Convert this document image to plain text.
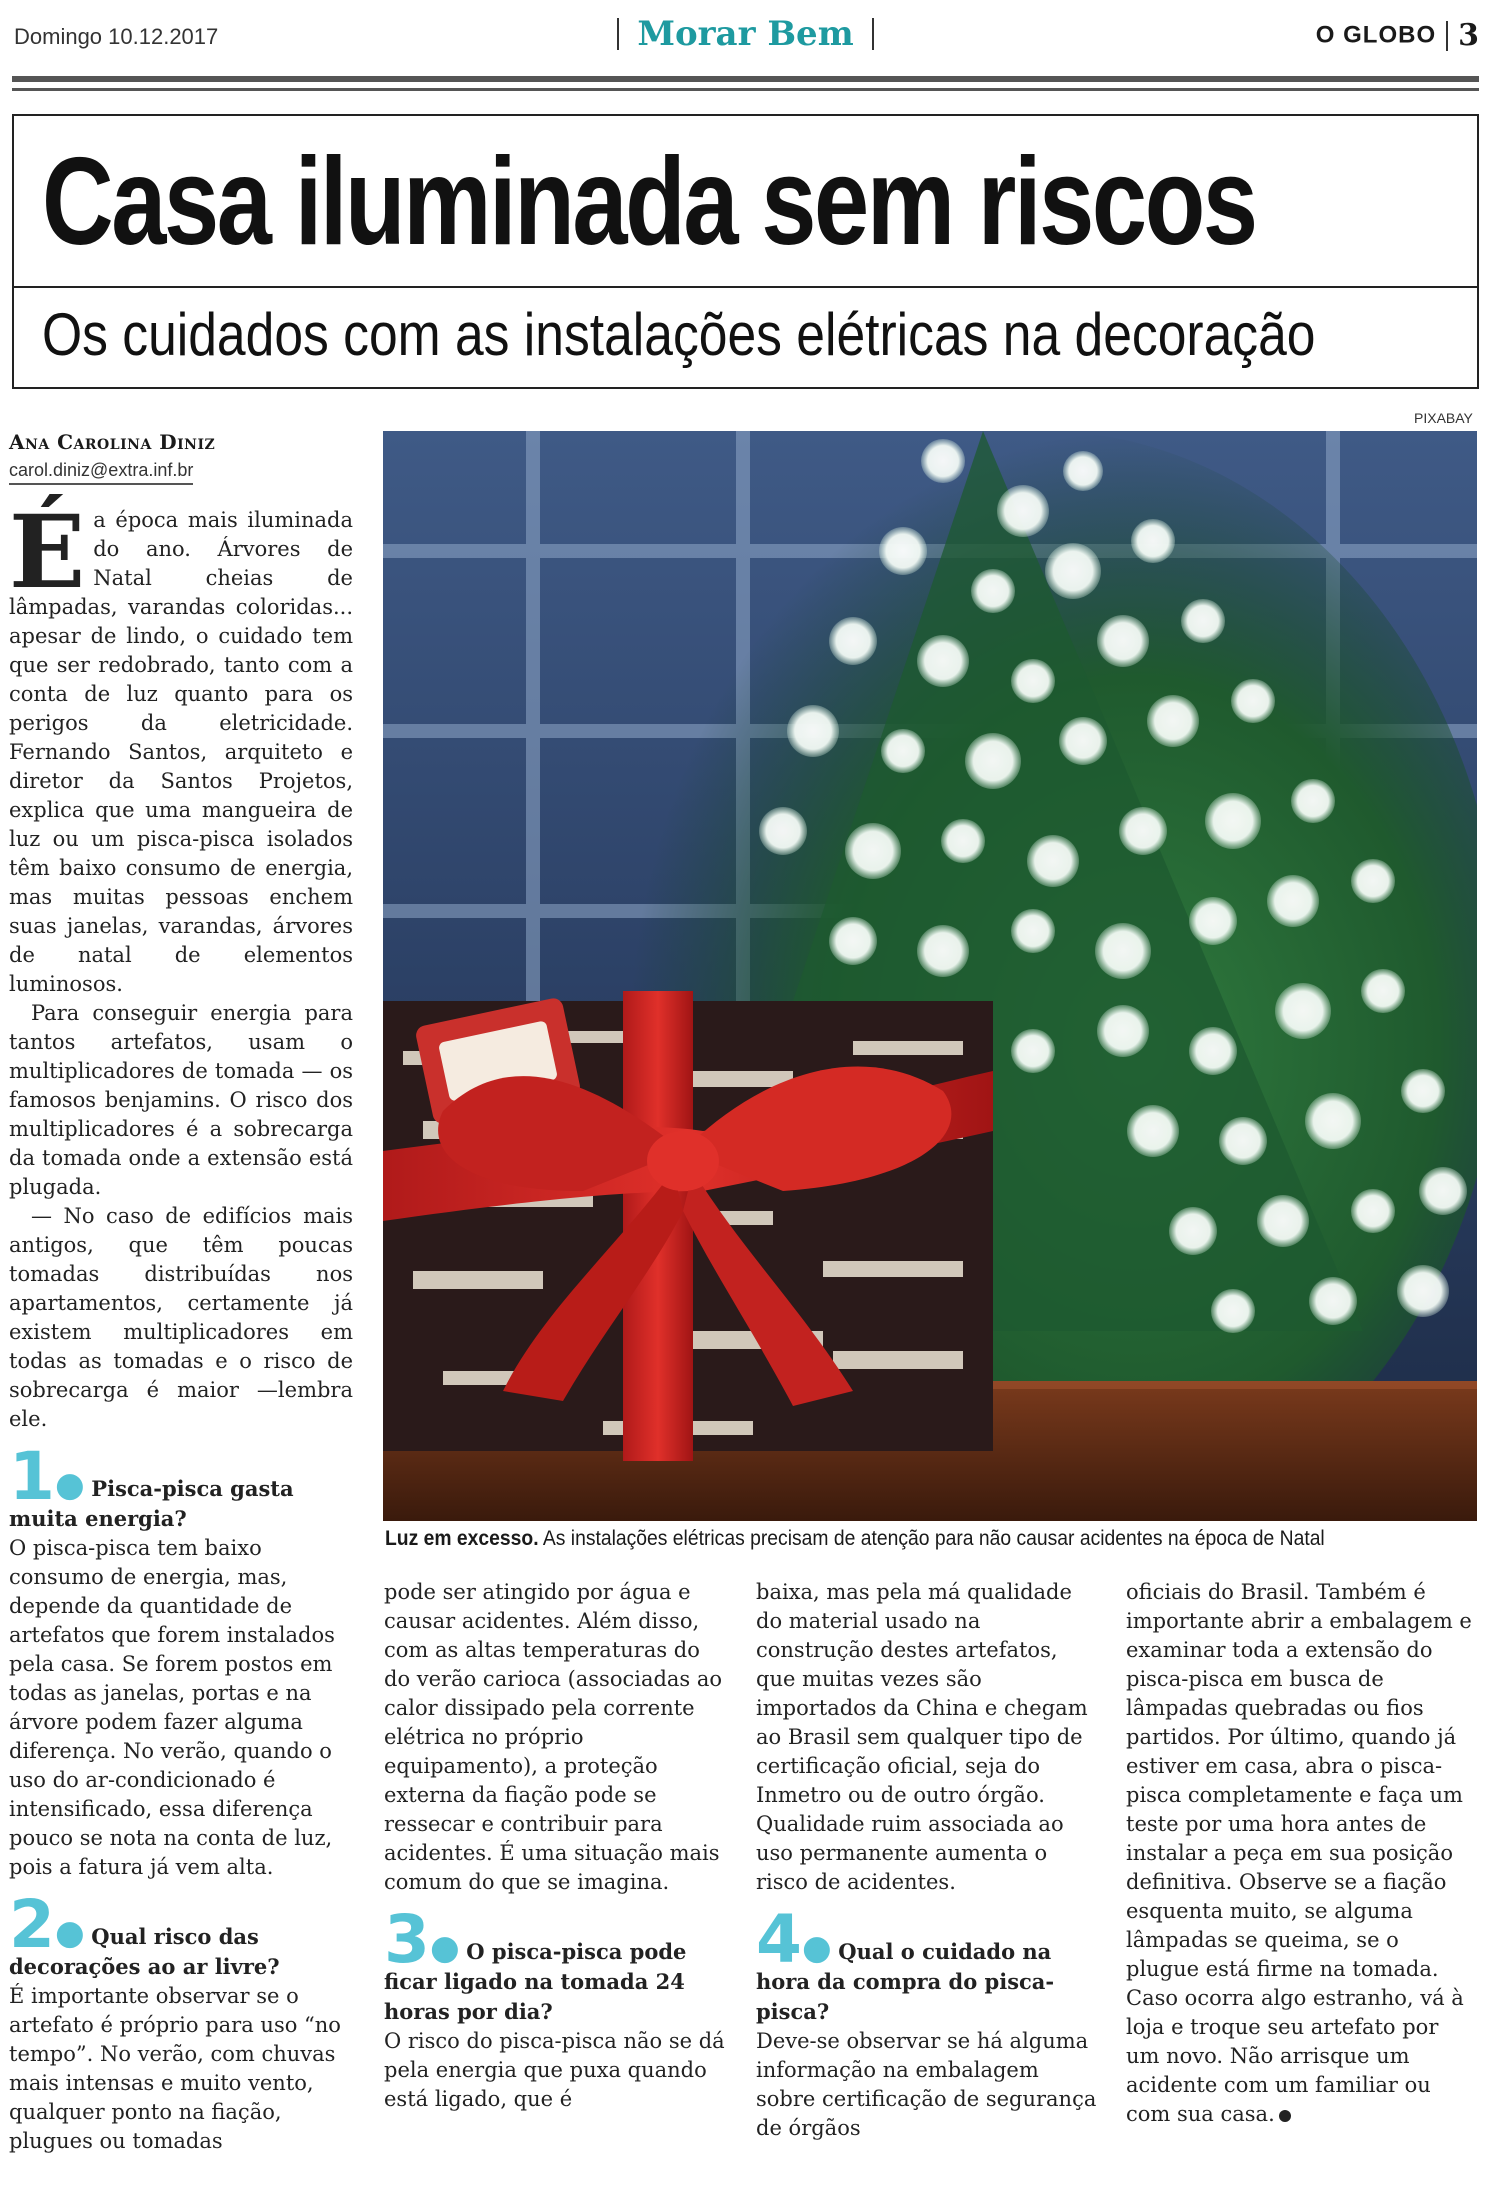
Domingo 10.12.2017	Morar Bem	O GLOBO 3
Casa iluminada sem riscos
Os cuidados com as instalações elétricas na decoração
PIXABAY
Luz em excesso. As instalações elétricas precisam de atenção para não causar acidentes na época de Natal
Ana Carolina Diniz
carol.diniz@extra.inf.br

É a época mais iluminada do ano. Árvores de Natal cheias de lâmpadas, varandas coloridas... apesar de lindo, o cuidado tem que ser redobrado, tanto com a conta de luz quanto para os perigos da eletricidade. Fernando Santos, arquiteto e diretor da Santos Projetos, explica que uma mangueira de luz ou um pisca-pisca isolados têm baixo consumo de energia, mas muitas pessoas enchem suas janelas, varandas, árvores de natal de elementos luminosos.

Para conseguir energia para tantos artefatos, usam o multiplicadores de tomada — os famosos benjamins. O risco dos multiplicadores é a sobrecarga da tomada onde a extensão está plugada.

— No caso de edifícios mais antigos, que têm poucas tomadas distribuídas nos apartamentos, certamente já existem multiplicadores em todas as tomadas e o risco de sobrecarga é maior —lembra ele.

1● Pisca-pisca gasta muita energia?

O pisca-pisca tem baixo consumo de energia, mas, depende da quantidade de artefatos que forem instalados pela casa. Se forem postos em todas as janelas, portas e na árvore podem fazer alguma diferença. No verão, quando o uso do ar-condicionado é intensificado, essa diferença pouco se nota na conta de luz, pois a fatura já vem alta.

2● Qual risco das decorações ao ar livre?

É importante observar se o artefato é próprio para uso “no tempo”. No verão, com chuvas mais intensas e muito vento, qualquer ponto na fiação, plugues ou tomadas

pode ser atingido por água e causar acidentes. Além disso, com as altas temperaturas do do verão carioca (associadas ao calor dissipado pela corrente elétrica no próprio equipamento), a proteção externa da fiação pode se ressecar e contribuir para acidentes. É uma situação mais comum do que se imagina.

3● O pisca-pisca pode ficar ligado na tomada 24 horas por dia?

O risco do pisca-pisca não se dá pela energia que puxa quando está ligado, que é

baixa, mas pela má qualidade do material usado na construção destes artefatos, que muitas vezes são importados da China e chegam ao Brasil sem qualquer tipo de certificação oficial, seja do Inmetro ou de outro órgão. Qualidade ruim associada ao uso permanente aumenta o risco de acidentes.

4● Qual o cuidado na hora da compra do pisca-pisca?

Deve-se observar se há alguma informação na embalagem sobre certificação de segurança de órgãos

oficiais do Brasil. Também é importante abrir a embalagem e examinar toda a extensão do pisca-pisca em busca de lâmpadas quebradas ou fios partidos. Por último, quando já estiver em casa, abra o pisca-pisca completamente e faça um teste por uma hora antes de instalar a peça em sua posição definitiva. Observe se a fiação esquenta muito, se alguma lâmpadas se queima, se o plugue está firme na tomada. Caso ocorra algo estranho, vá à loja e troque seu artefato por um novo. Não arrisque um acidente com um familiar ou com sua casa.
